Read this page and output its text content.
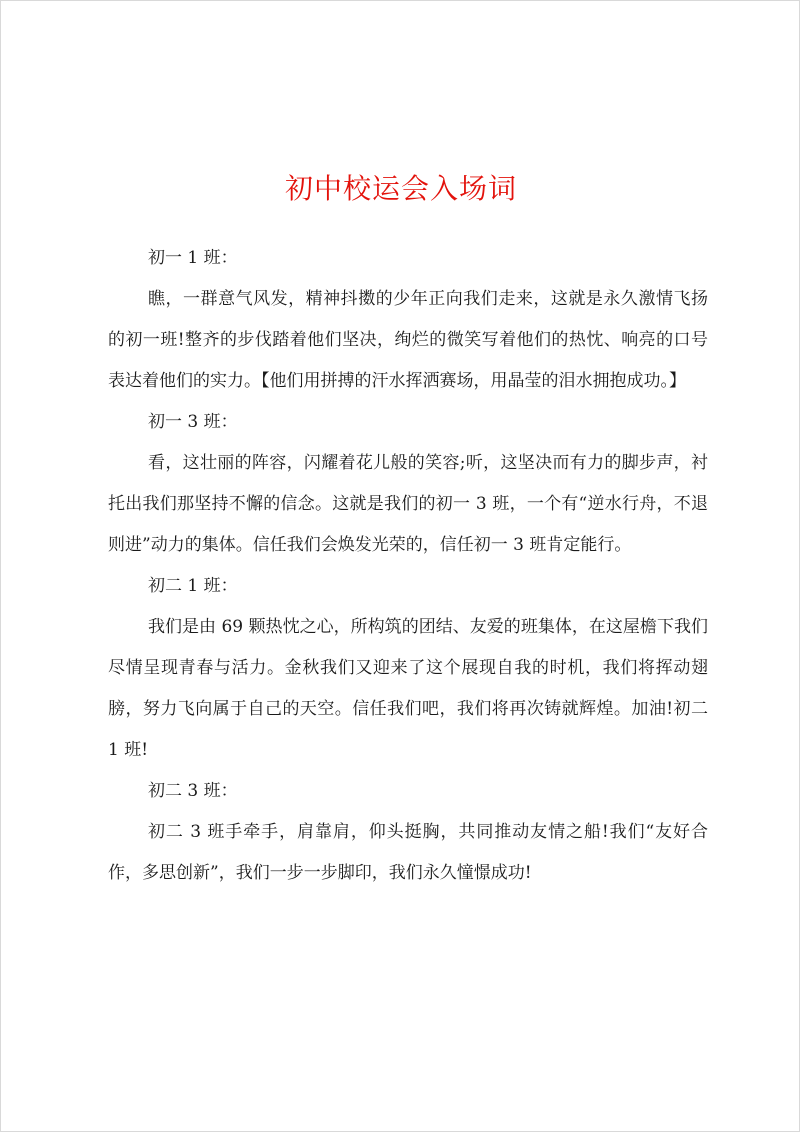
初中校运会入场词

初一 1 班：

瞧，一群意气风发，精神抖擞的少年正向我们走来，这就是永久激情飞扬的初一班!整齐的步伐踏着他们坚决，绚烂的微笑写着他们的热忱、响亮的口号表达着他们的实力。【他们用拼搏的汗水挥洒赛场，用晶莹的泪水拥抱成功。】

初一 3 班：

看，这壮丽的阵容，闪耀着花儿般的笑容;听，这坚决而有力的脚步声，衬托出我们那坚持不懈的信念。这就是我们的初一 3 班，一个有“逆水行舟，不退则进”动力的集体。信任我们会焕发光荣的，信任初一 3 班肯定能行。

初二 1 班：

我们是由 69 颗热忱之心，所构筑的团结、友爱的班集体，在这屋檐下我们尽情呈现青春与活力。金秋我们又迎来了这个展现自我的时机，我们将挥动翅膀，努力飞向属于自己的天空。信任我们吧，我们将再次铸就辉煌。加油!初二 1 班!

初二 3 班：

初二 3 班手牵手，肩靠肩，仰头挺胸，共同推动友情之船!我们“友好合作，多思创新”，我们一步一步脚印，我们永久憧憬成功!
